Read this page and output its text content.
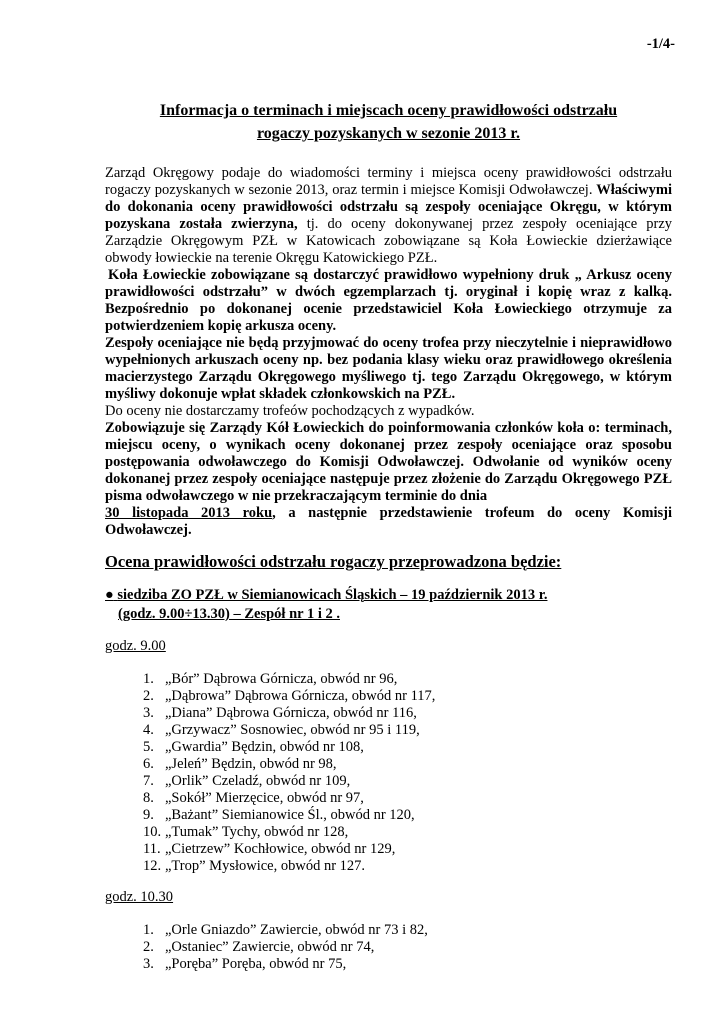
-1/4-
Informacja o terminach i miejscach oceny prawidłowości odstrzału
rogaczy pozyskanych w sezonie 2013 r.

Zarząd Okręgowy podaje do wiadomości terminy i miejsca oceny prawidłowości odstrzału rogaczy pozyskanych w sezonie 2013, oraz termin i miejsce Komisji Odwoławczej. Właściwymi do dokonania oceny prawidłowości odstrzału są zespoły oceniające Okręgu, w którym pozyskana została zwierzyna, tj. do oceny dokonywanej przez zespoły oceniające przy Zarządzie Okręgowym PZŁ w Katowicach zobowiązane są Koła Łowieckie dzierżawiące obwody łowieckie na terenie Okręgu Katowickiego PZŁ.

Koła Łowieckie zobowiązane są dostarczyć prawidłowo wypełniony druk „ Arkusz oceny prawidłowości odstrzału” w dwóch egzemplarzach tj. oryginał i kopię wraz z kalką. Bezpośrednio po dokonanej ocenie przedstawiciel Koła Łowieckiego otrzymuje za potwierdzeniem kopię arkusza oceny.

Zespoły oceniające nie będą przyjmować do oceny trofea przy nieczytelnie i nieprawidłowo wypełnionych arkuszach oceny np. bez podania klasy wieku oraz prawidłowego określenia macierzystego Zarządu Okręgowego myśliwego tj. tego Zarządu Okręgowego, w którym myśliwy dokonuje wpłat składek członkowskich na PZŁ.

Do oceny nie dostarczamy trofeów pochodzących z wypadków.

Zobowiązuje się Zarządy Kół Łowieckich do poinformowania członków koła o: terminach, miejscu oceny, o wynikach oceny dokonanej przez zespoły oceniające oraz sposobu postępowania odwoławczego do Komisji Odwoławczej. Odwołanie od wyników oceny dokonanej przez zespoły oceniające następuje przez złożenie do Zarządu Okręgowego PZŁ pisma odwoławczego w nie przekraczającym terminie do dnia

30 listopada 2013 roku, a następnie przedstawienie trofeum do oceny Komisji Odwoławczej.

Ocena prawidłowości odstrzału rogaczy przeprowadzona będzie:
● siedziba ZO PZŁ w Siemianowicach Śląskich – 19 październik 2013 r.
(godz. 9.00÷13.30) – Zespół nr 1 i 2 .
godz. 9.00
1. „Bór” Dąbrowa Górnicza, obwód nr 96,
2. „Dąbrowa” Dąbrowa Górnicza, obwód nr 117,
3. „Diana” Dąbrowa Górnicza, obwód nr 116,
4. „Grzywacz” Sosnowiec, obwód nr 95 i 119,
5. „Gwardia” Będzin, obwód nr 108,
6. „Jeleń” Będzin, obwód nr 98,
7. „Orlik” Czeladź, obwód nr 109,
8. „Sokół” Mierzęcice, obwód nr 97,
9. „Bażant” Siemianowice Śl., obwód nr 120,
10. „Tumak” Tychy, obwód nr 128,
11. „Cietrzew” Kochłowice, obwód nr 129,
12. „Trop” Mysłowice, obwód nr 127.
godz. 10.30
1. „Orle Gniazdo” Zawiercie, obwód nr 73 i 82,
2. „Ostaniec” Zawiercie, obwód nr 74,
3. „Poręba” Poręba, obwód nr 75,
